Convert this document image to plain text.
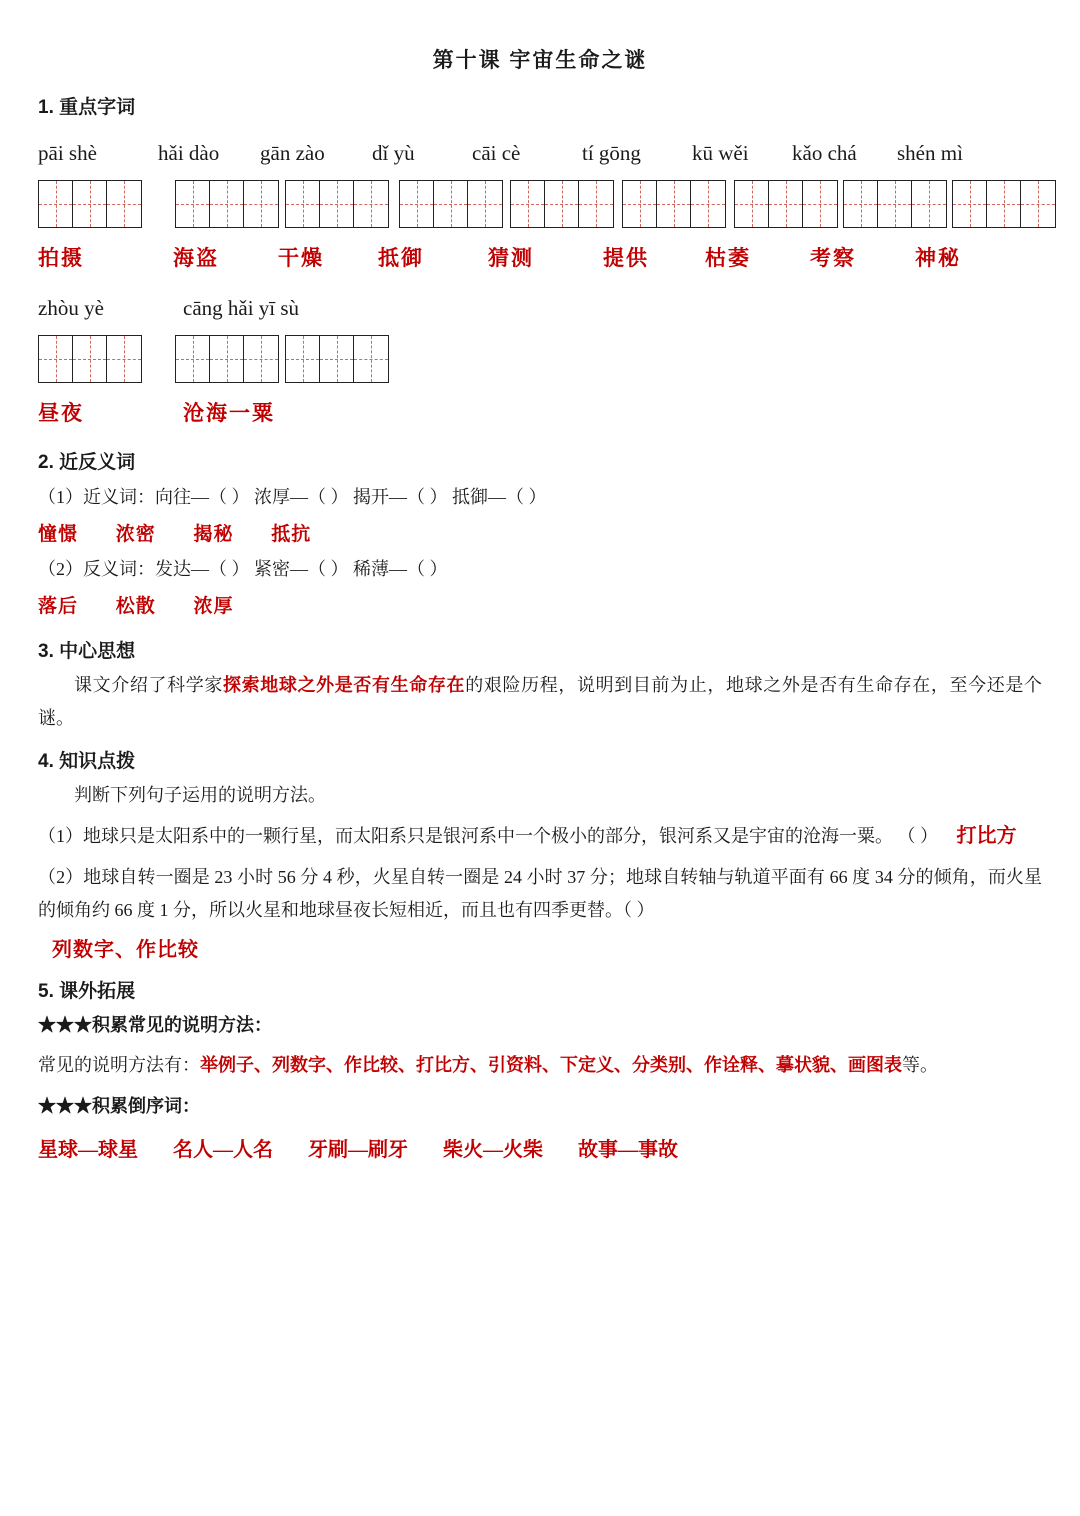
第十课 宇宙生命之谜
1. 重点字词
pāi shè	hǎi dào	gān zào	dǐ yù	cāi cè	tí gōng	kū wěi	kǎo chá	shén mì
拍摄	海盗	干燥	抵御	猜测	提供	枯萎	考察	神秘
zhòu yè	cāng hǎi yī sù
昼夜	沧海一粟
2. 近反义词
（1）近义词：向往—（ ） 浓厚—（ ） 揭开—（ ） 抵御—（ ）
憧憬 浓密 揭秘 抵抗
（2）反义词：发达—（ ） 紧密—（ ） 稀薄—（ ）
落后 松散 浓厚
3. 中心思想
课文介绍了科学家探索地球之外是否有生命存在的艰险历程，说明到目前为止，地球之外是否有生命存在，至今还是个谜。
4. 知识点拨
判断下列句子运用的说明方法。
（1）地球只是太阳系中的一颗行星，而太阳系只是银河系中一个极小的部分，银河系又是宇宙的沧海一粟。 （ ） 打比方
（2）地球自转一圈是 23 小时 56 分 4 秒，火星自转一圈是 24 小时 37 分；地球自转轴与轨道平面有 66 度 34 分的倾角，而火星的倾角约 66 度 1 分，所以火星和地球昼夜长短相近，而且也有四季更替。（ ）
列数字、作比较
5. 课外拓展
★★★积累常见的说明方法：
常见的说明方法有：举例子、列数字、作比较、打比方、引资料、下定义、分类别、作诠释、摹状貌、画图表等。
★★★积累倒序词：
星球—球星 名人—人名 牙刷—刷牙 柴火—火柴 故事—事故
